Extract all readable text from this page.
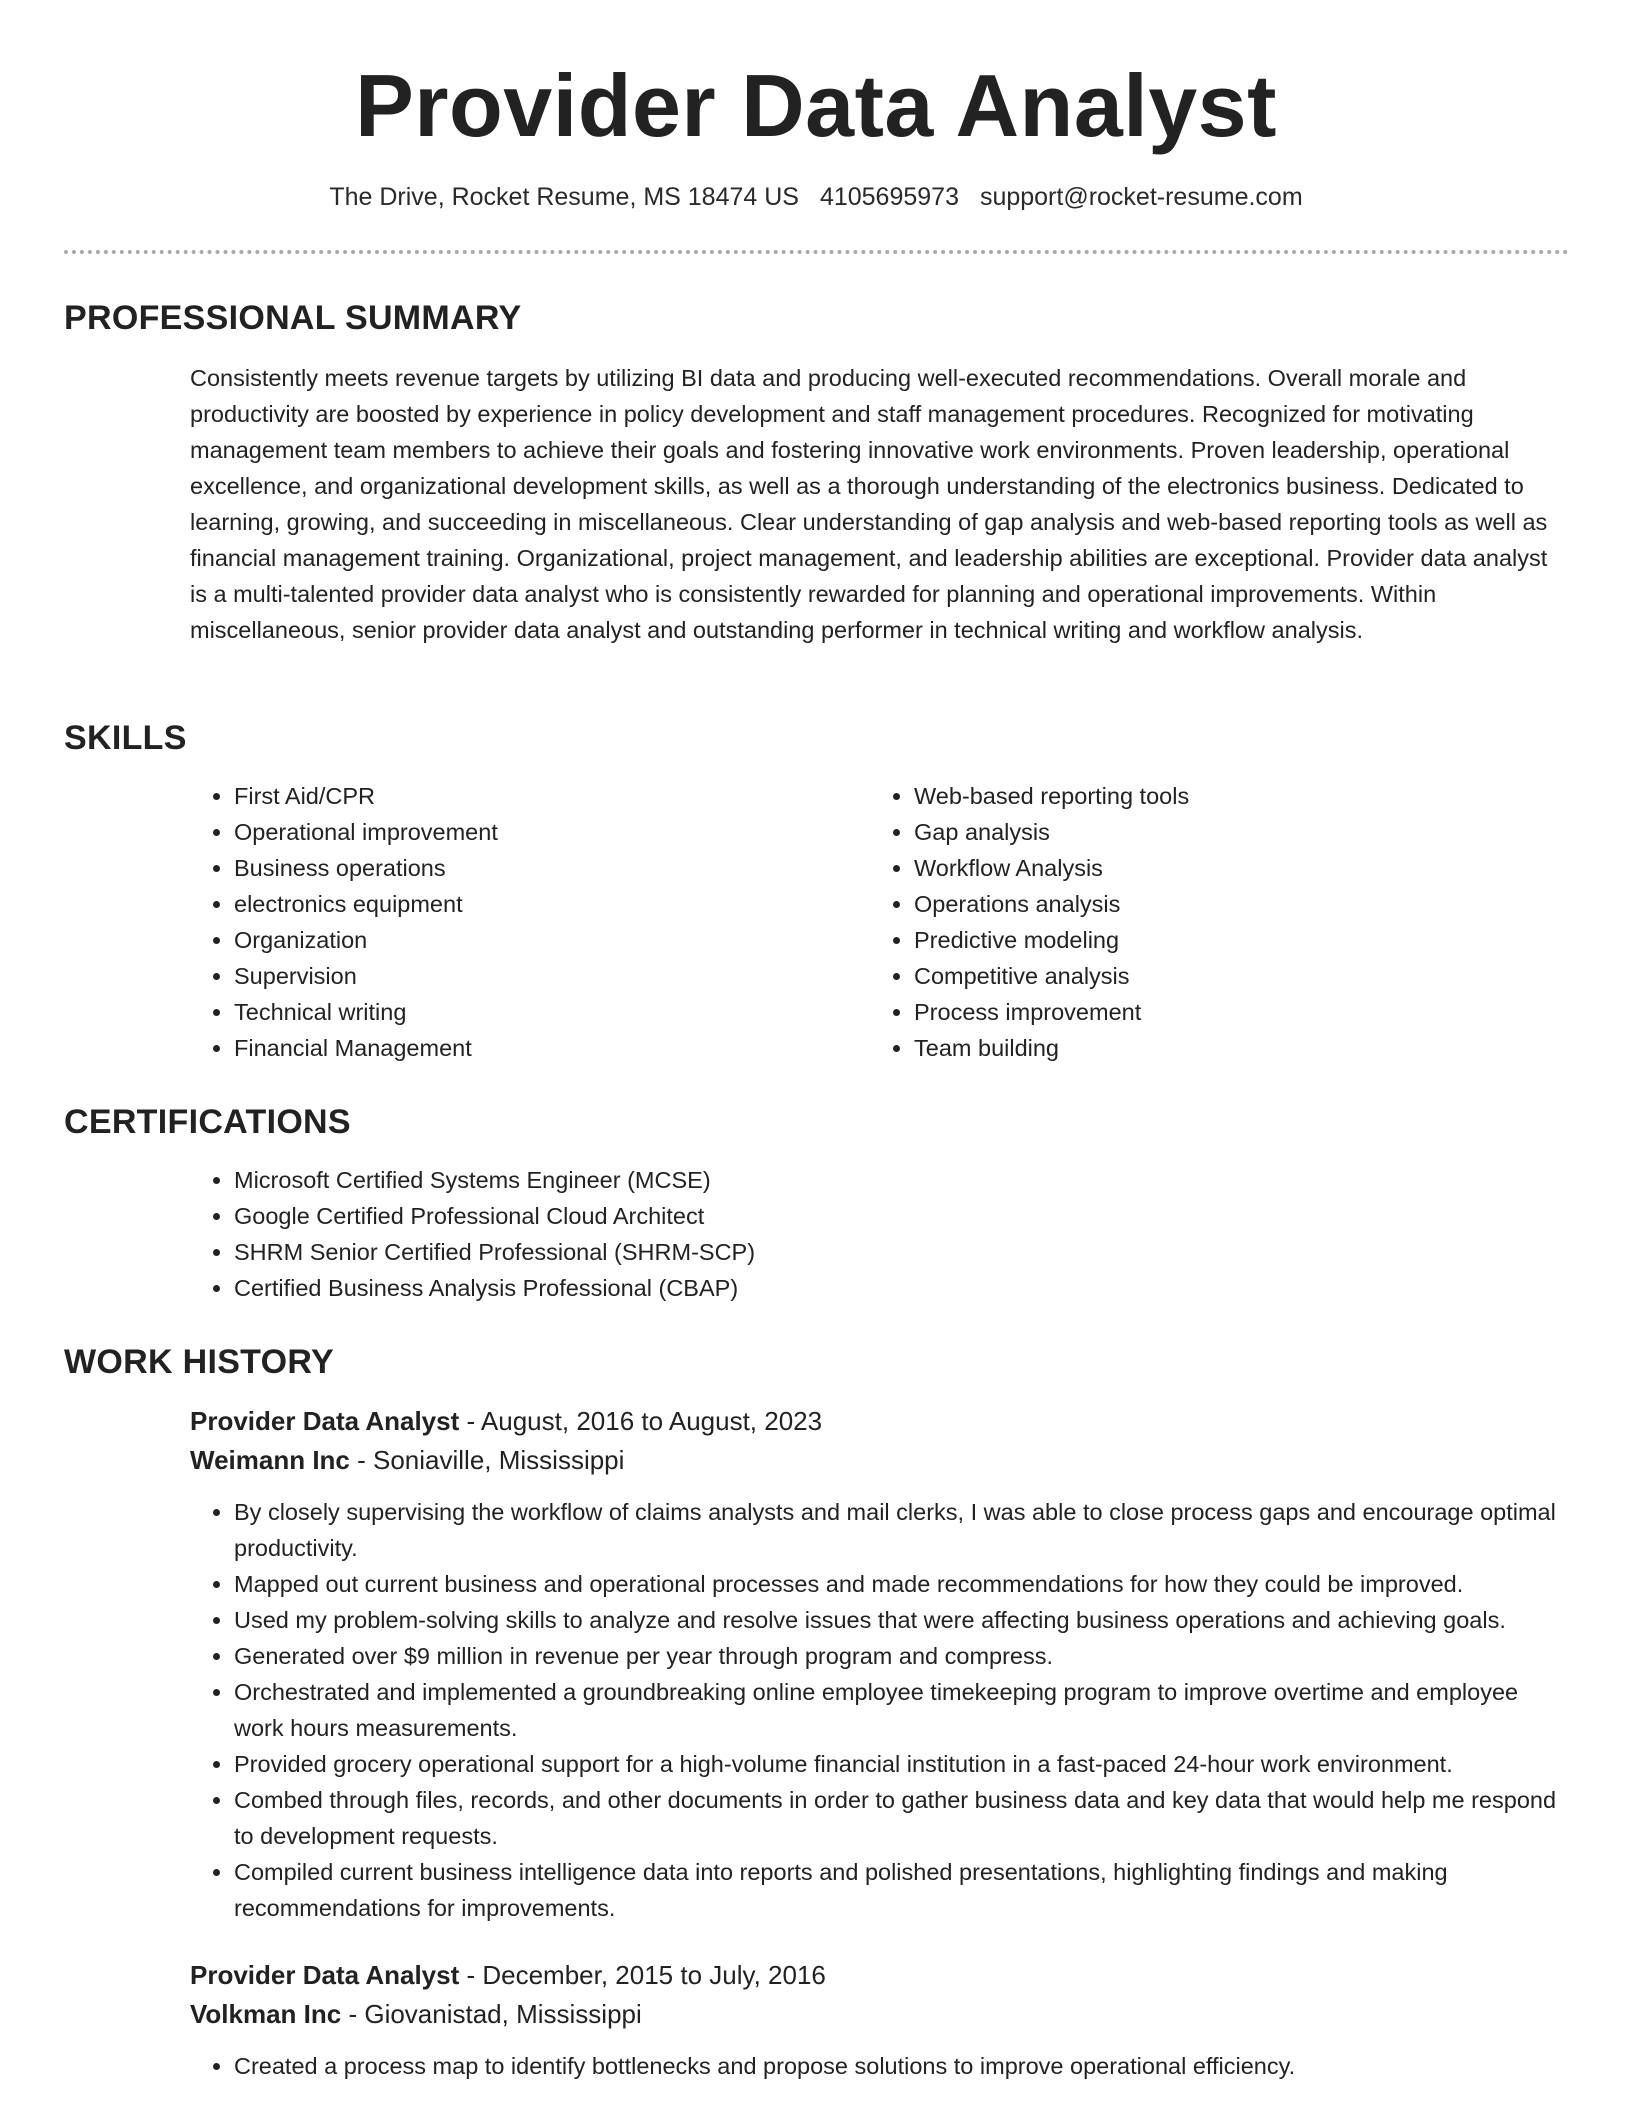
Provider Data Analyst
The Drive, Rocket Resume, MS 18474 US 4105695973 support@rocket-resume.com
PROFESSIONAL SUMMARY
Consistently meets revenue targets by utilizing BI data and producing well-executed recommendations. Overall morale and productivity are boosted by experience in policy development and staff management procedures. Recognized for motivating management team members to achieve their goals and fostering innovative work environments. Proven leadership, operational excellence, and organizational development skills, as well as a thorough understanding of the electronics business. Dedicated to learning, growing, and succeeding in miscellaneous. Clear understanding of gap analysis and web-based reporting tools as well as financial management training. Organizational, project management, and leadership abilities are exceptional. Provider data analyst is a multi-talented provider data analyst who is consistently rewarded for planning and operational improvements. Within miscellaneous, senior provider data analyst and outstanding performer in technical writing and workflow analysis.
SKILLS
• First Aid/CPR
• Operational improvement
• Business operations
• electronics equipment
• Organization
• Supervision
• Technical writing
• Financial Management
• Web-based reporting tools
• Gap analysis
• Workflow Analysis
• Operations analysis
• Predictive modeling
• Competitive analysis
• Process improvement
• Team building
CERTIFICATIONS
• Microsoft Certified Systems Engineer (MCSE)
• Google Certified Professional Cloud Architect
• SHRM Senior Certified Professional (SHRM-SCP)
• Certified Business Analysis Professional (CBAP)
WORK HISTORY
Provider Data Analyst - August, 2016 to August, 2023
Weimann Inc - Soniaville, Mississippi
• By closely supervising the workflow of claims analysts and mail clerks, I was able to close process gaps and encourage optimal productivity.
• Mapped out current business and operational processes and made recommendations for how they could be improved.
• Used my problem-solving skills to analyze and resolve issues that were affecting business operations and achieving goals.
• Generated over $9 million in revenue per year through program and compress.
• Orchestrated and implemented a groundbreaking online employee timekeeping program to improve overtime and employee work hours measurements.
• Provided grocery operational support for a high-volume financial institution in a fast-paced 24-hour work environment.
• Combed through files, records, and other documents in order to gather business data and key data that would help me respond to development requests.
• Compiled current business intelligence data into reports and polished presentations, highlighting findings and making recommendations for improvements.
Provider Data Analyst - December, 2015 to July, 2016
Volkman Inc - Giovanistad, Mississippi
• Created a process map to identify bottlenecks and propose solutions to improve operational efficiency.
